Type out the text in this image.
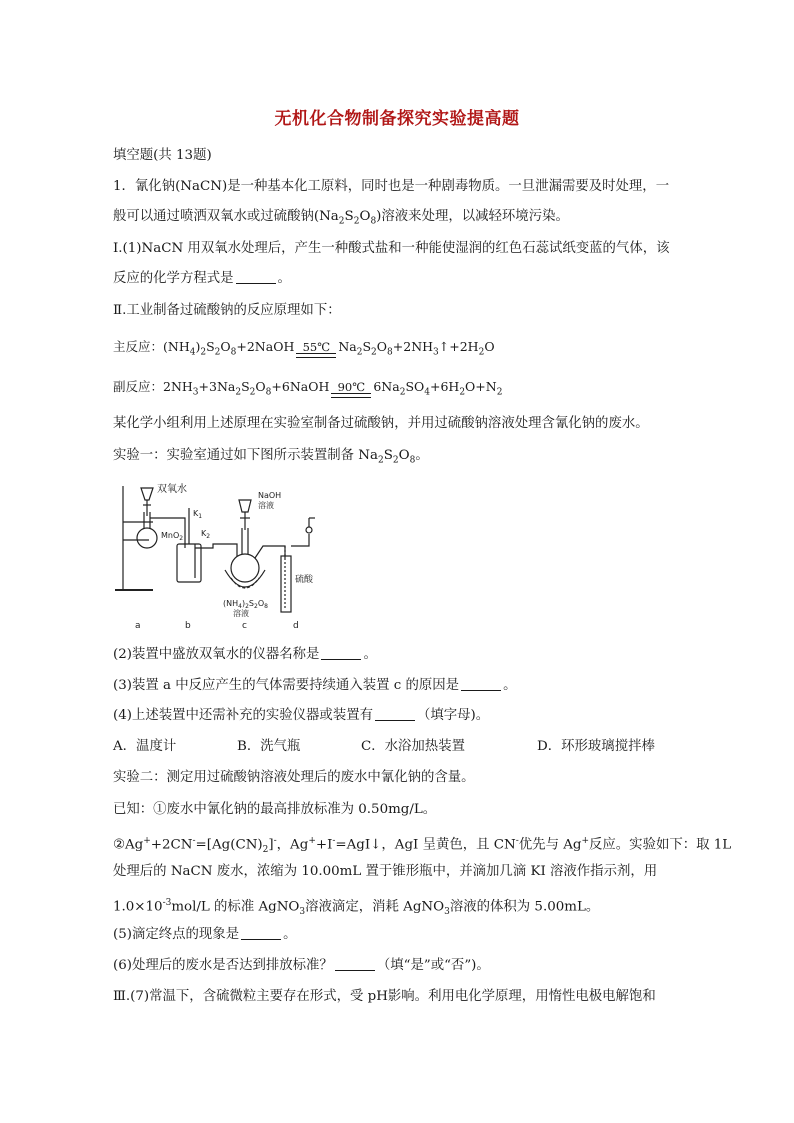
无机化合物制备探究实验提高题
填空题(共 13题)
1．氰化钠(NaCN)是一种基本化工原料，同时也是一种剧毒物质。一旦泄漏需要及时处理，一
般可以通过喷洒双氧水或过硫酸钠$(Na_2S_2O_8)$溶液来处理，以减轻环境污染。
I.(1)NaCN 用双氧水处理后，产生一种酸式盐和一种能使湿润的红色石蕊试纸变蓝的气体，该
反应的化学方程式是	。
Ⅱ.工业制备过硫酸钠的反应原理如下：
主反应：$(NH_4)_2S_2O_8+2NaOH$ 55℃ $Na_2S_2O_8+2NH_3↑+2H_2O$
副反应：$2NH_3+3Na_2S_2O_8+6NaOH$ 90℃ $6Na_2SO_4+6H_2O+N_2$
某化学小组利用上述原理在实验室制备过硫酸钠，并用过硫酸钠溶液处理含氰化钠的废水。
实验一：实验室通过如下图所示装置制备 $Na_2S_2O_8$。
双氧水
MnO$_2$
$K_1$
$K_2$
NaOH
溶液
硫酸
$(NH_4)_2S_2O_8$
溶液
a	b	c	d
(2)装置中盛放双氧水的仪器名称是	。
(3)装置 a 中反应产生的气体需要持续通入装置 c 的原因是	。
(4)上述装置中还需补充的实验仪器或装置有	（填字母)。
A．温度计	B．洗气瓶	C．水浴加热装置	D．环形玻璃搅拌棒
实验二：测定用过硫酸钠溶液处理后的废水中氰化钠的含量。
已知：①废水中氰化钠的最高排放标准为 0.50mg/L。
$②Ag^++2CN^-=[Ag(CN)_2]^-$，Ag++I-=AgI↓，AgI 呈黄色，且 CN-优先与 Ag+反应。实验如下：取 1L
处理后的 NaCN 废水，浓缩为 10.00mL 置于锥形瓶中，并滴加几滴 KI 溶液作指示剂，用
$1.0\times 10^{-3}mol/L$ 的标准 AgNO$_3$溶液滴定，消耗 AgNO$_3$溶液的体积为 5.00mL。
(5)滴定终点的现象是	。
(6)处理后的废水是否达到排放标准？	（填“是”或“否”)。
Ⅲ.(7)常温下，含硫微粒主要存在形式，受 pH影响。利用电化学原理，用惰性电极电解饱和
